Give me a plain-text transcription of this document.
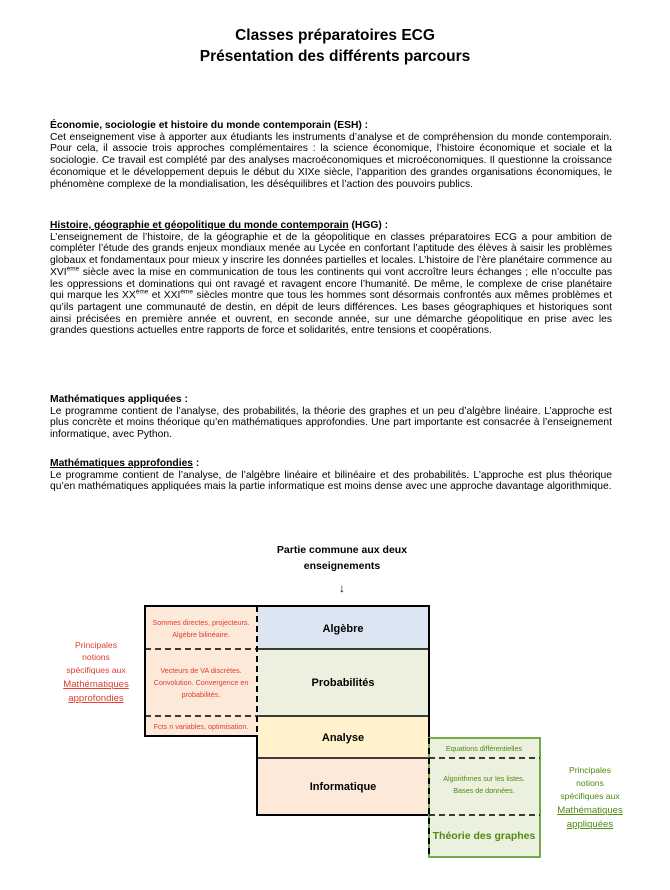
Classes préparatoires ECG
Présentation des différents parcours
Économie, sociologie et histoire du monde contemporain (ESH) :
Cet enseignement vise à apporter aux étudiants les instruments d’analyse et de compréhension du monde contemporain. Pour cela, il associe trois approches complémentaires : la science économique, l’histoire économique et sociale et la sociologie. Ce travail est complété par des analyses macroéconomiques et microéconomiques. Il questionne la croissance économique et le développement depuis le début du XIXe siècle, l’apparition des grandes organisations économiques, le phénomène complexe de la mondialisation, les déséquilibres et l’action des pouvoirs publics.
Histoire, géographie et géopolitique du monde contemporain (HGG) :
L’enseignement de l’histoire, de la géographie et de la géopolitique en classes préparatoires ECG a pour ambition de compléter l’étude des grands enjeux mondiaux menée au Lycée en confortant l’aptitude des élèves à saisir les problèmes globaux et fondamentaux pour mieux y inscrire les données partielles et locales. L’histoire de l’ère planétaire commence au XVIème siècle avec la mise en communication de tous les continents qui vont accroître leurs échanges ; elle n’occulte pas les oppressions et dominations qui ont ravagé et ravagent encore l’humanité. De même, le complexe de crise planétaire qui marque les XXème et XXIème siècles montre que tous les hommes sont désormais confrontés aux mêmes problèmes et qu’ils partagent une communauté de destin, en dépit de leurs différences. Les bases géographiques et historiques sont ainsi précisées en première année et ouvrent, en seconde année, sur une démarche géopolitique en prise avec les grandes questions actuelles entre rapports de force et solidarités, entre tensions et coopérations.
Mathématiques appliquées :
Le programme contient de l’analyse, des probabilités, la théorie des graphes et un peu d’algèbre linéaire. L’approche est plus concrète et moins théorique qu’en mathématiques approfondies. Une part importante est consacrée à l’enseignement informatique, avec Python.
Mathématiques approfondies :
Le programme contient de l’analyse, de l’algèbre linéaire et bilinéaire et des probabilités. L’approche est plus théorique qu’en mathématiques appliquées mais la partie informatique est moins dense avec une approche davantage algorithmique.
Partie commune aux deux
enseignements
↓
Algèbre
Probabilités
Analyse
Informatique
Théorie des graphes
Sommes directes, projecteurs.
Algèbre bilinéaire.
Vecteurs de VA discrètes.
Convolution. Convergence en
probabilités.
Fcts n variables, optimisation.
Equations différentielles
Algorithmes sur les listes.
Bases de données.
Principales
notions
spécifiques aux
Mathématiques
approfondies
Principales
notions
spécifiques aux
Mathématiques
appliquées
